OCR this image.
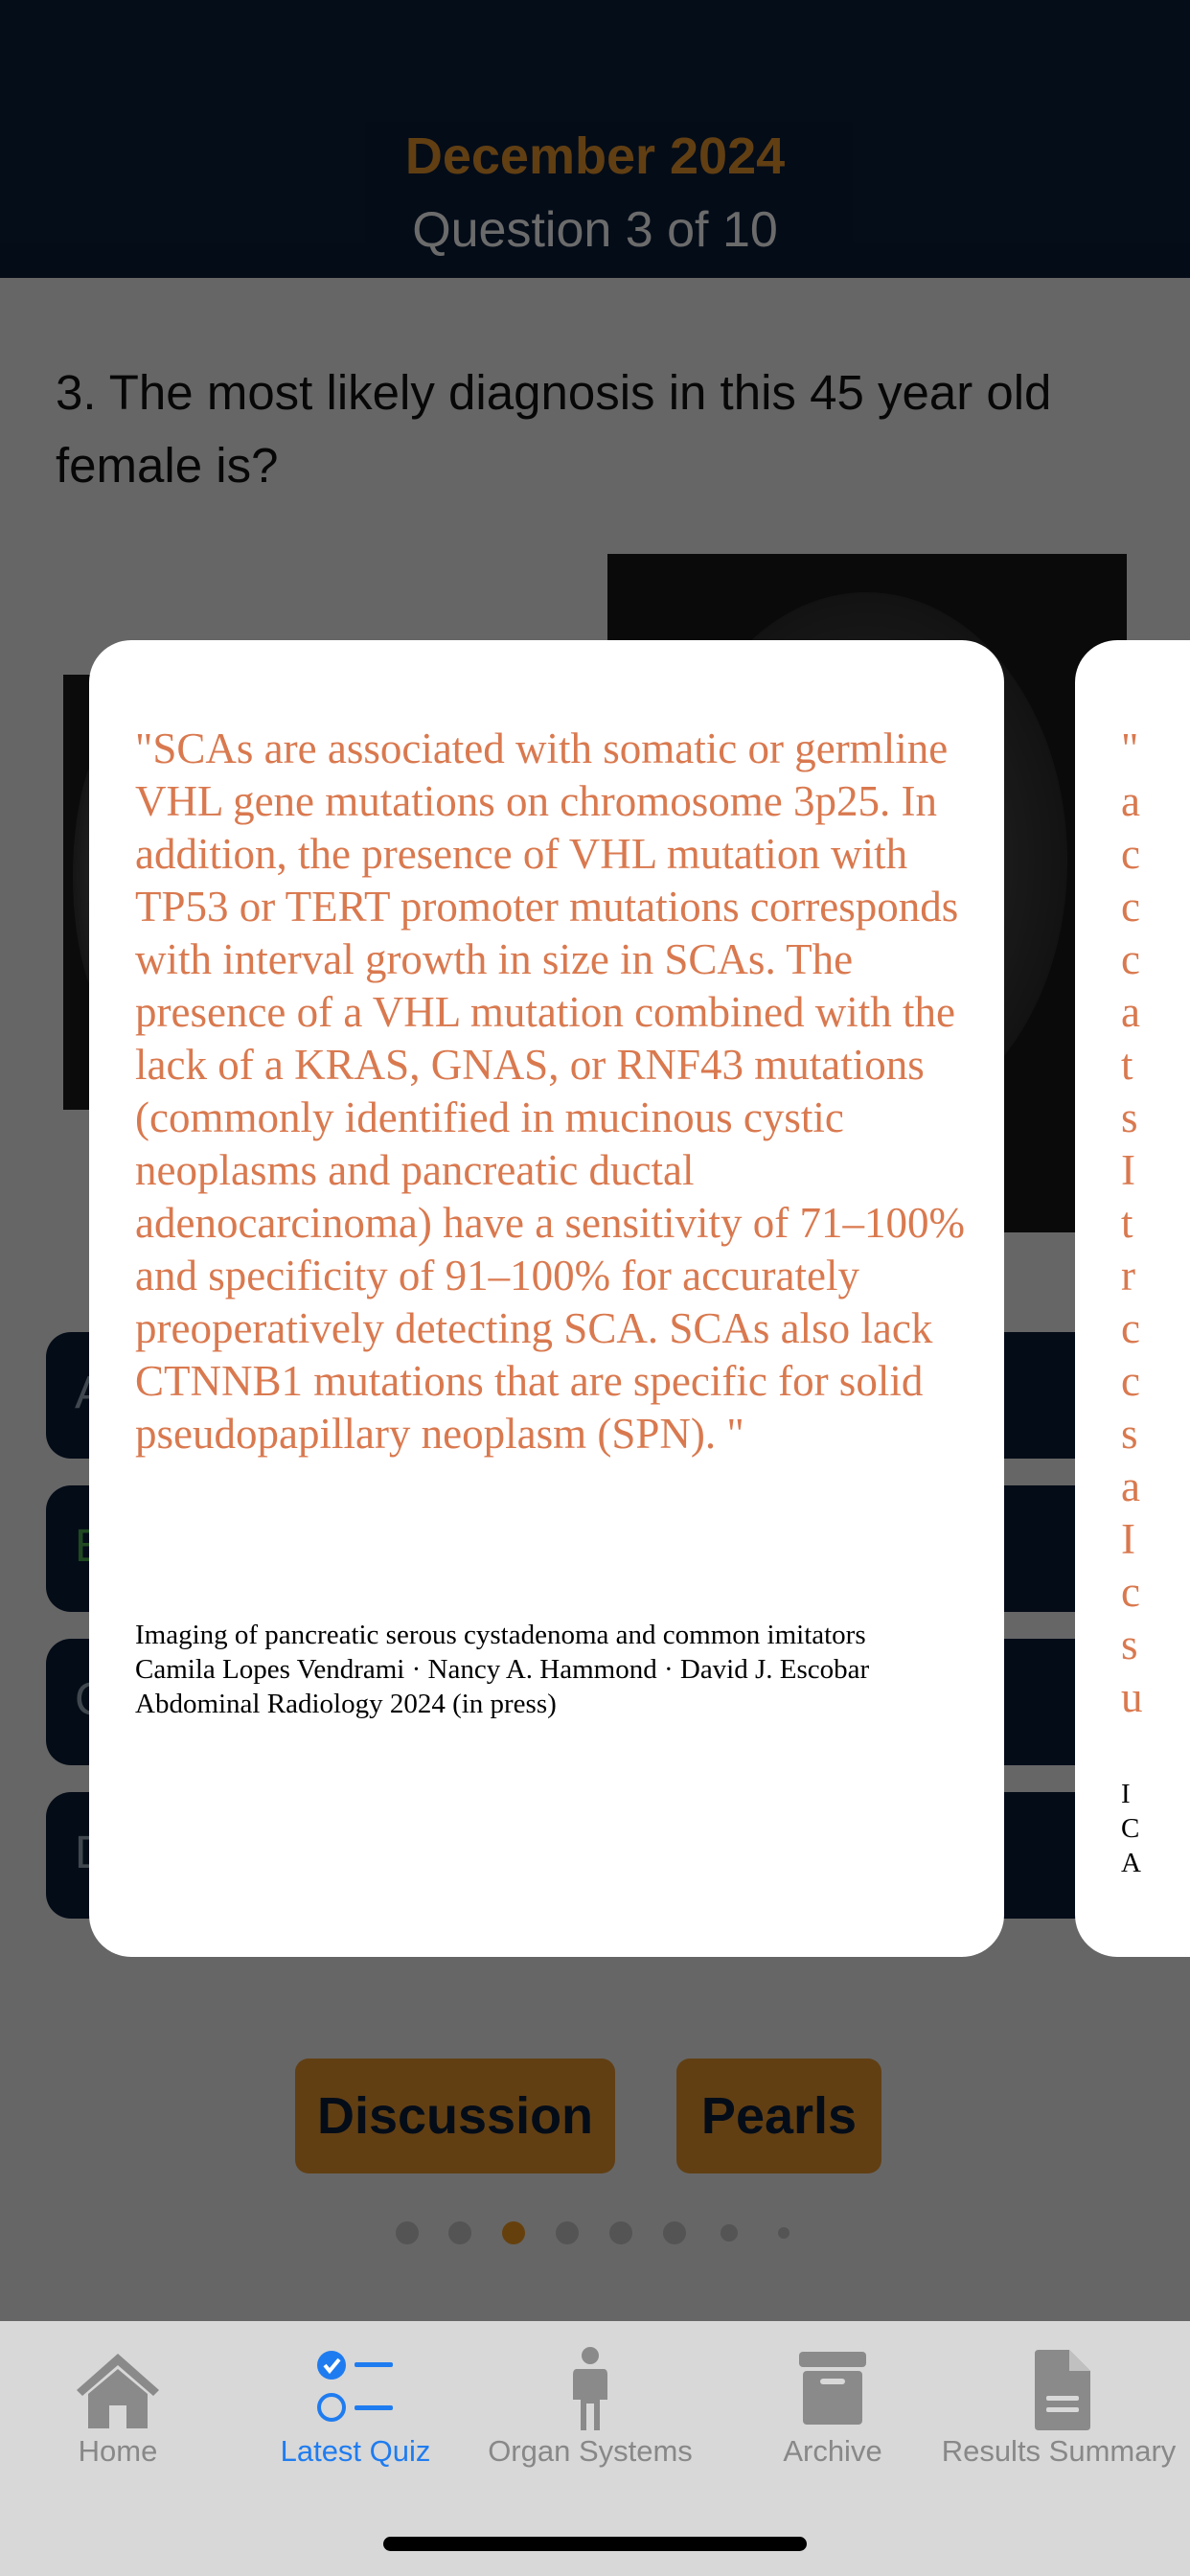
"SCAs are associated with somatic or germline VHL gene mutations on chromosome 3p25. In addition, the presence of VHL mutation with TP53 or TERT promoter mutations corresponds with interval growth in size in SCAs. The presence of a VHL mutation combined with the lack of a KRAS, GNAS, or RNF43 mutations (commonly identified in mucinous cystic neoplasms and pancreatic ductal adenocarcinoma) have a sensitivity of 71–100% and specificity of 91–100% for accurately preoperatively detecting SCA. SCAs also lack CTNNB1 mutations that are specific for solid pseudopapillary neoplasm (SPN). "
Imaging of pancreatic serous cystadenoma and common imitators
Camila Lopes Vendrami · Nancy A. Hammond · David J. Escobar
Abdominal Radiology 2024 (in press)
"
a
c
c
c
a
t
s
I
t
r
c
c
s
a
I
c
s
u
I
C
A
Home	Latest Quiz	Organ Systems	Archive	Results Summary
